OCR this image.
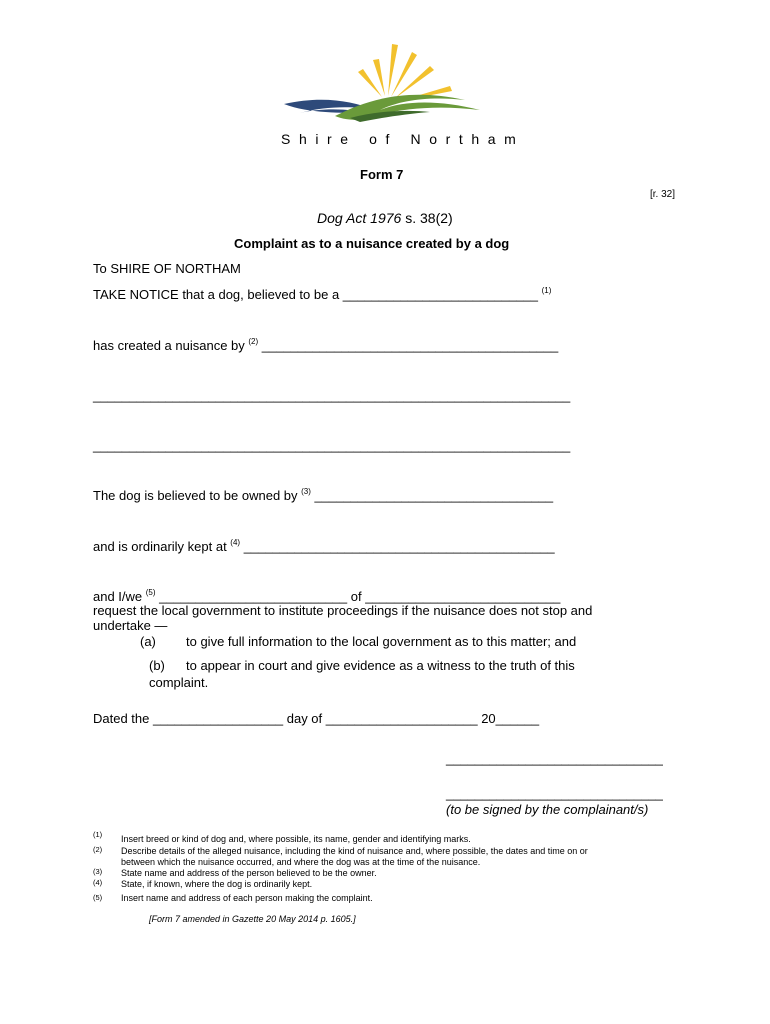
Shire of Northam
Form 7
[r. 32]
Dog Act 1976 s. 38(2)
Complaint as to a nuisance created by a dog
To SHIRE OF NORTHAM
TAKE NOTICE that a dog, believed to be a ___________________________ $^{(1)}$
has created a nuisance by $^{(2)}$ _________________________________________
__________________________________________________________________
__________________________________________________________________
The dog is believed to be owned by $^{(3)}$ _________________________________
and is ordinarily kept at $^{(4)}$ ___________________________________________
and I/we $^{(5)}$ __________________________ of ___________________________
request the local government to institute proceedings if the nuisance does not stop and
undertake —
(a) to give full information to the local government as to this matter; and
(b) to appear in court and give evidence as a witness to the truth of this
complaint.
Dated the __________________ day of _____________________ 20______
______________________________
______________________________
(to be signed by the complainant/s)
(1) Insert breed or kind of dog and, where possible, its name, gender and identifying marks.
(2) Describe details of the alleged nuisance, including the kind of nuisance and, where possible, the dates and time on or
between which the nuisance occurred, and where the dog was at the time of the nuisance.
(3) State name and address of the person believed to be the owner.
(4) State, if known, where the dog is ordinarily kept.
(5) Insert name and address of each person making the complaint.
[Form 7 amended in Gazette 20 May 2014 p. 1605.]
